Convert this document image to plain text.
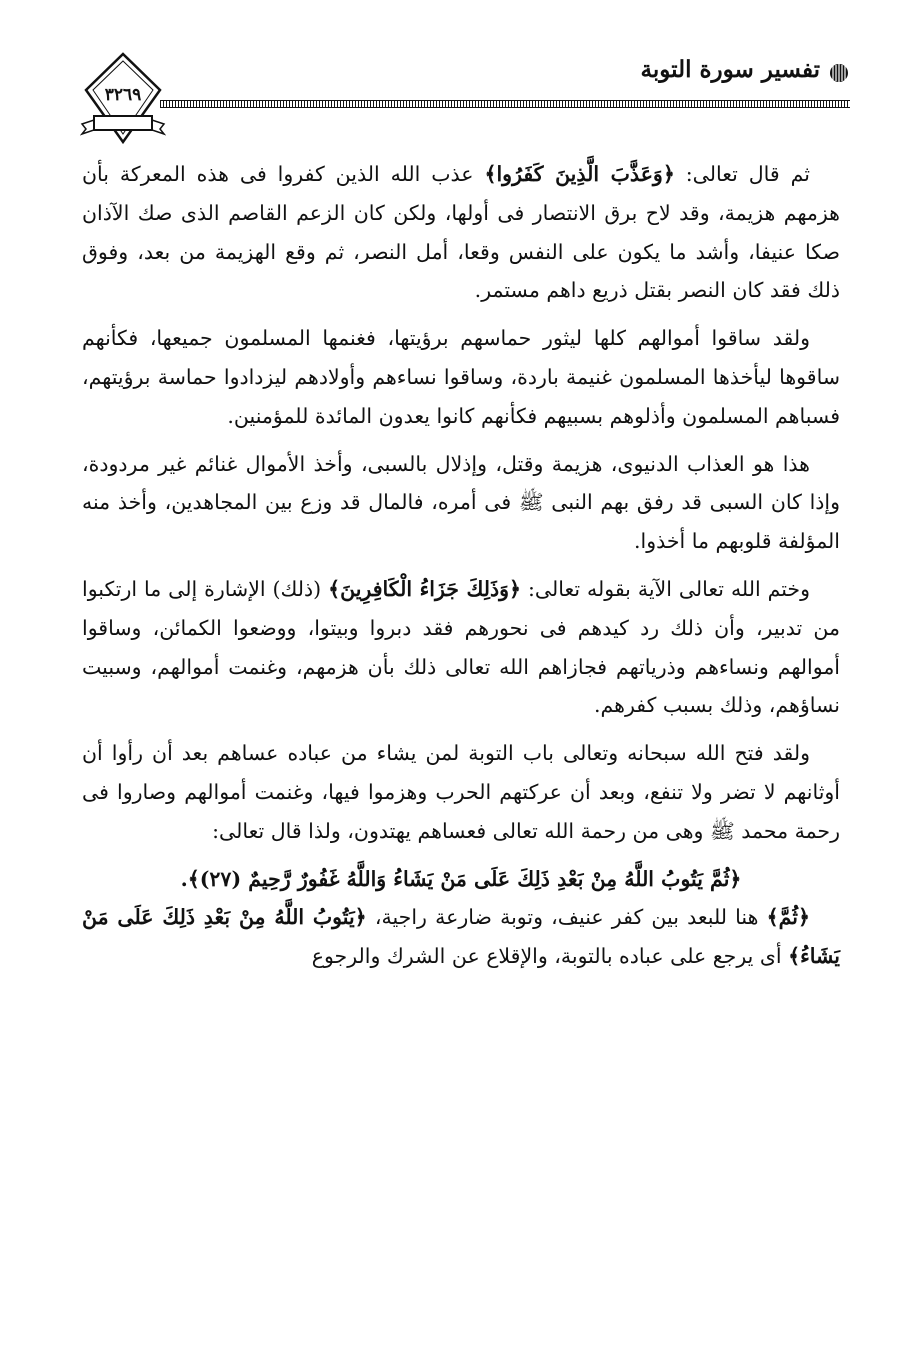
تفسير سورة التوبة
٣٢٦٩

ثم قال تعالى: ﴿وَعَذَّبَ الَّذِينَ كَفَرُوا﴾ عذب الله الذين كفروا فى هذه المعركة بأن هزمهم هزيمة، وقد لاح برق الانتصار فى أولها، ولكن كان الزعم القاصم الذى صك الآذان صكا عنيفا، وأشد ما يكون على النفس وقعا، أمل النصر، ثم وقع الهزيمة من بعد، وفوق ذلك فقد كان النصر بقتل ذريع داهم مستمر.

ولقد ساقوا أموالهم كلها ليثور حماسهم برؤيتها، فغنمها المسلمون جميعها، فكأنهم ساقوها ليأخذها المسلمون غنيمة باردة، وساقوا نساءهم وأولادهم ليزدادوا حماسة برؤيتهم، فسباهم المسلمون وأذلوهم بسبيهم فكأنهم كانوا يعدون المائدة للمؤمنين.

هذا هو العذاب الدنيوى، هزيمة وقتل، وإذلال بالسبى، وأخذ الأموال غنائم غير مردودة، وإذا كان السبى قد رفق بهم النبى ﷺ فى أمره، فالمال قد وزع بين المجاهدين، وأخذ منه المؤلفة قلوبهم ما أخذوا.

وختم الله تعالى الآية بقوله تعالى: ﴿وَذَلِكَ جَزَاءُ الْكَافِرِينَ﴾ (ذلك) الإشارة إلى ما ارتكبوا من تدبير، وأن ذلك رد كيدهم فى نحورهم فقد دبروا وبيتوا، ووضعوا الكمائن، وساقوا أموالهم ونساءهم وذرياتهم فجازاهم الله تعالى ذلك بأن هزمهم، وغنمت أموالهم، وسبيت نساؤهم، وذلك بسبب كفرهم.

ولقد فتح الله سبحانه وتعالى باب التوبة لمن يشاء من عباده عساهم بعد أن رأوا أن أوثانهم لا تضر ولا تنفع، وبعد أن عركتهم الحرب وهزموا فيها، وغنمت أموالهم وصاروا فى رحمة محمد ﷺ وهى من رحمة الله تعالى فعساهم يهتدون، ولذا قال تعالى:

﴿ثُمَّ يَتُوبُ اللَّهُ مِنْ بَعْدِ ذَلِكَ عَلَى مَنْ يَشَاءُ وَاللَّهُ غَفُورٌ رَّحِيمٌ (٢٧)﴾.

﴿ثُمَّ﴾ هنا للبعد بين كفر عنيف، وتوبة ضارعة راجية، ﴿يَتُوبُ اللَّهُ مِنْ بَعْدِ ذَلِكَ عَلَى مَنْ يَشَاءُ﴾ أى يرجع على عباده بالتوبة، والإقلاع عن الشرك والرجوع
